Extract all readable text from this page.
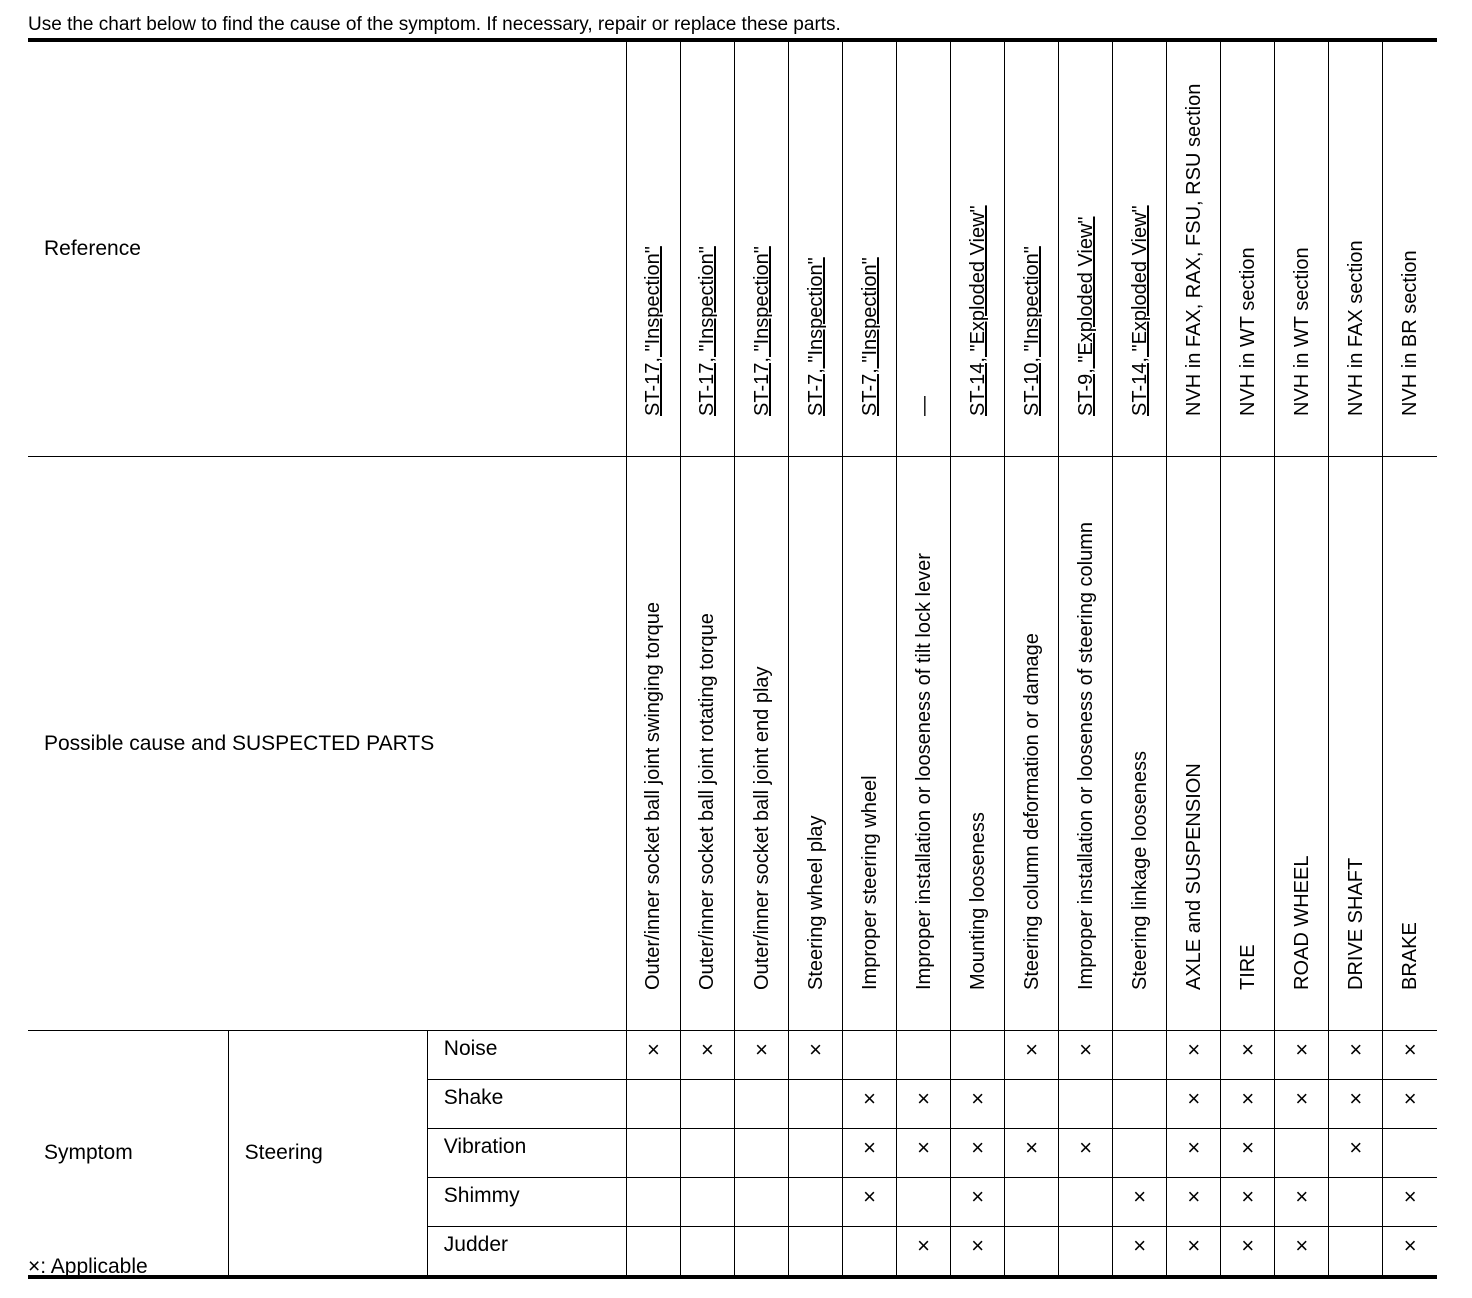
Use the chart below to find the cause of the symptom. If necessary, repair or replace these parts.
Reference			ST-17, "Inspection"	ST-17, "Inspection"	ST-17, "Inspection"	ST-7, "Inspection"	ST-7, "Inspection"	—	ST-14, "Exploded View"	ST-10, "Inspection"	ST-9, "Exploded View"	ST-14, "Exploded View"	NVH in FAX, RAX, FSU, RSU section	NVH in WT section	NVH in WT section	NVH in FAX section	NVH in BR section

Possible cause and SUSPECTED PARTS			Outer/inner socket ball joint swinging torque	Outer/inner socket ball joint rotating torque	Outer/inner socket ball joint end play	Steering wheel play	Improper steering wheel	Improper installation or looseness of tilt lock lever	Mounting looseness	Steering column deformation or damage	Improper installation or looseness of steering column	Steering linkage looseness	AXLE and SUSPENSION	TIRE	ROAD WHEEL	DRIVE SHAFT	BRAKE

Symptom	Steering	Noise	×	×	×	×				×	×		×	×	×	×	×
		Shake					×	×	×				×	×	×	×	×
		Vibration					×	×	×	×	×		×	×		×	
		Shimmy					×		×			×	×	×	×		×
		Judder						×	×			×	×	×	×		×
×: Applicable
